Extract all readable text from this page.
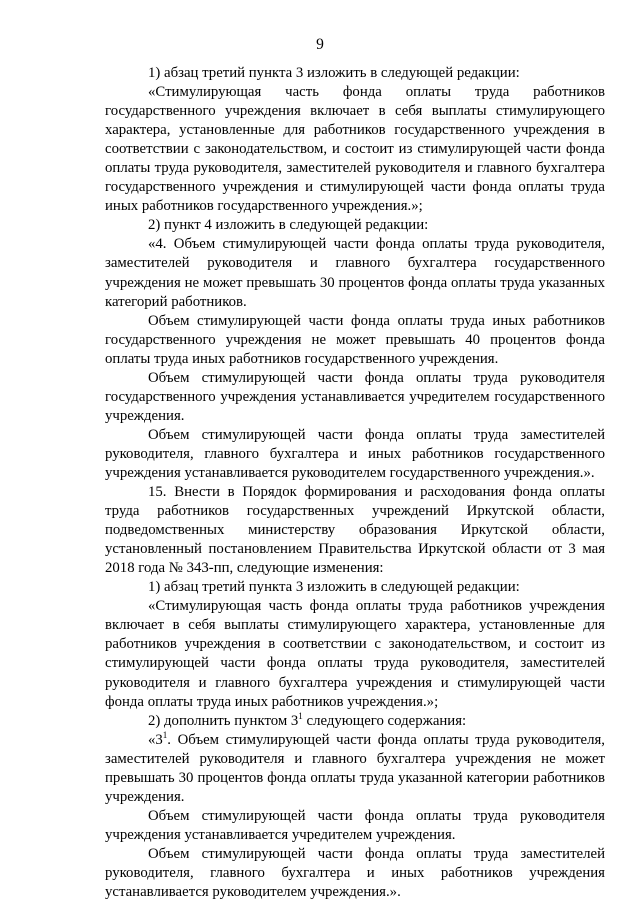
9

1) абзац третий пункта 3 изложить в следующей редакции:

«Стимулирующая часть фонда оплаты труда работников государственного учреждения включает в себя выплаты стимулирующего характера, установленные для работников государственного учреждения в соответствии с законодательством, и состоит из стимулирующей части фонда оплаты труда руководителя, заместителей руководителя и главного бухгалтера государственного учреждения и стимулирующей части фонда оплаты труда иных работников государственного учреждения.»;

2) пункт 4 изложить в следующей редакции:

«4. Объем стимулирующей части фонда оплаты труда руководителя, заместителей руководителя и главного бухгалтера государственного учреждения не может превышать 30 процентов фонда оплаты труда указанных категорий работников.

Объем стимулирующей части фонда оплаты труда иных работников государственного учреждения не может превышать 40 процентов фонда оплаты труда иных работников государственного учреждения.

Объем стимулирующей части фонда оплаты труда руководителя государственного учреждения устанавливается учредителем государственного учреждения.

Объем стимулирующей части фонда оплаты труда заместителей руководителя, главного бухгалтера и иных работников государственного учреждения устанавливается руководителем государственного учреждения.».

15. Внести в Порядок формирования и расходования фонда оплаты труда работников государственных учреждений Иркутской области, подведомственных министерству образования Иркутской области, установленный постановлением Правительства Иркутской области от 3 мая 2018 года № 343-пп, следующие изменения:

1) абзац третий пункта 3 изложить в следующей редакции:

«Стимулирующая часть фонда оплаты труда работников учреждения включает в себя выплаты стимулирующего характера, установленные для работников учреждения в соответствии с законодательством, и состоит из стимулирующей части фонда оплаты труда руководителя, заместителей руководителя и главного бухгалтера учреждения и стимулирующей части фонда оплаты труда иных работников учреждения.»;

2) дополнить пунктом $3^1$ следующего содержания:

«$3^1$. Объем стимулирующей части фонда оплаты труда руководителя, заместителей руководителя и главного бухгалтера учреждения не может превышать 30 процентов фонда оплаты труда указанной категории работников учреждения.

Объем стимулирующей части фонда оплаты труда руководителя учреждения устанавливается учредителем учреждения.

Объем стимулирующей части фонда оплаты труда заместителей руководителя, главного бухгалтера и иных работников учреждения устанавливается руководителем учреждения.».
